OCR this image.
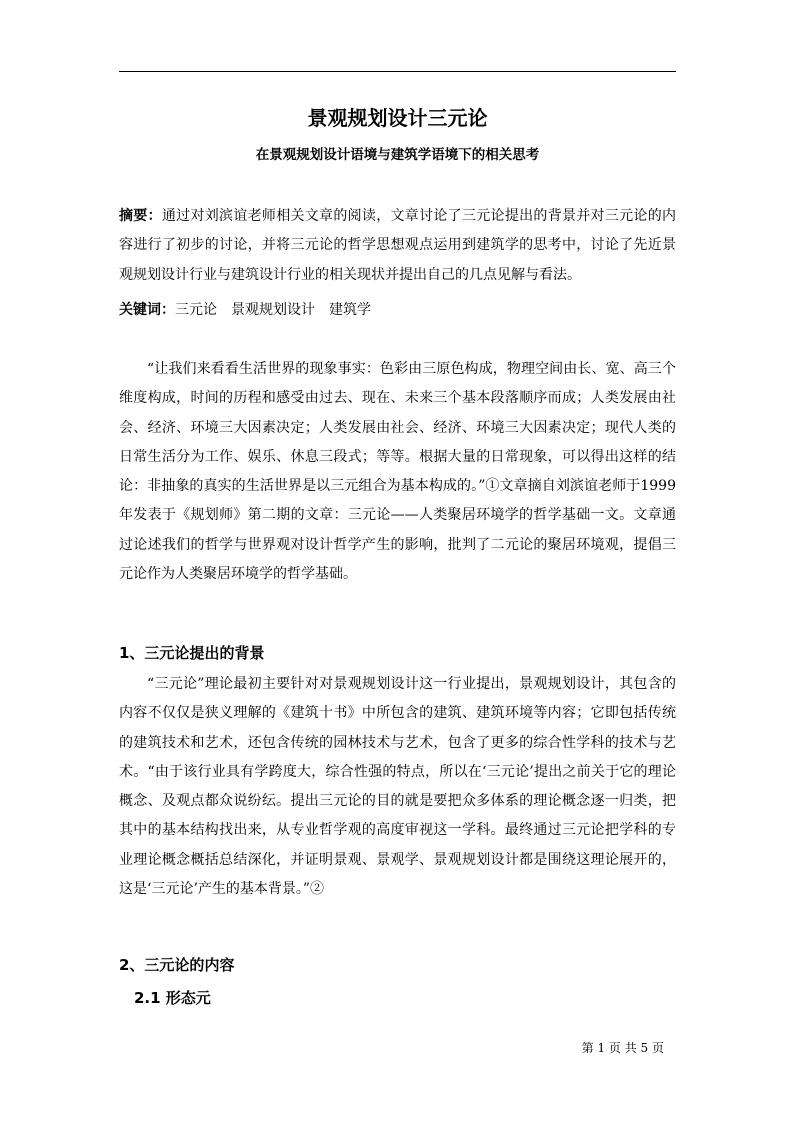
景观规划设计三元论
在景观规划设计语境与建筑学语境下的相关思考
摘要：通过对刘滨谊老师相关文章的阅读，文章讨论了三元论提出的背景并对三元论的内容进行了初步的讨论，并将三元论的哲学思想观点运用到建筑学的思考中，讨论了先近景观规划设计行业与建筑设计行业的相关现状并提出自己的几点见解与看法。
关键词：三元论　景观规划设计　建筑学
“让我们来看看生活世界的现象事实：色彩由三原色构成，物理空间由长、宽、高三个维度构成，时间的历程和感受由过去、现在、未来三个基本段落顺序而成；人类发展由社会、经济、环境三大因素决定；人类发展由社会、经济、环境三大因素决定；现代人类的日常生活分为工作、娱乐、休息三段式；等等。根据大量的日常现象，可以得出这样的结论：非抽象的真实的生活世界是以三元组合为基本构成的。”①文章摘自刘滨谊老师于1999年发表于《规划师》第二期的文章：三元论——人类聚居环境学的哲学基础一文。文章通过论述我们的哲学与世界观对设计哲学产生的影响，批判了二元论的聚居环境观，提倡三元论作为人类聚居环境学的哲学基础。
1、三元论提出的背景
“三元论”理论最初主要针对对景观规划设计这一行业提出，景观规划设计，其包含的内容不仅仅是狭义理解的《建筑十书》中所包含的建筑、建筑环境等内容；它即包括传统的建筑技术和艺术，还包含传统的园林技术与艺术，包含了更多的综合性学科的技术与艺术。“由于该行业具有学跨度大，综合性强的特点，所以在‘三元论’提出之前关于它的理论概念、及观点都众说纷纭。提出三元论的目的就是要把众多体系的理论概念逐一归类，把其中的基本结构找出来，从专业哲学观的高度审视这一学科。最终通过三元论把学科的专业理论概念概括总结深化，并证明景观、景观学、景观规划设计都是围绕这理论展开的，这是‘三元论’产生的基本背景。”②
2、三元论的内容
2.1 形态元
第 1 页 共 5 页
